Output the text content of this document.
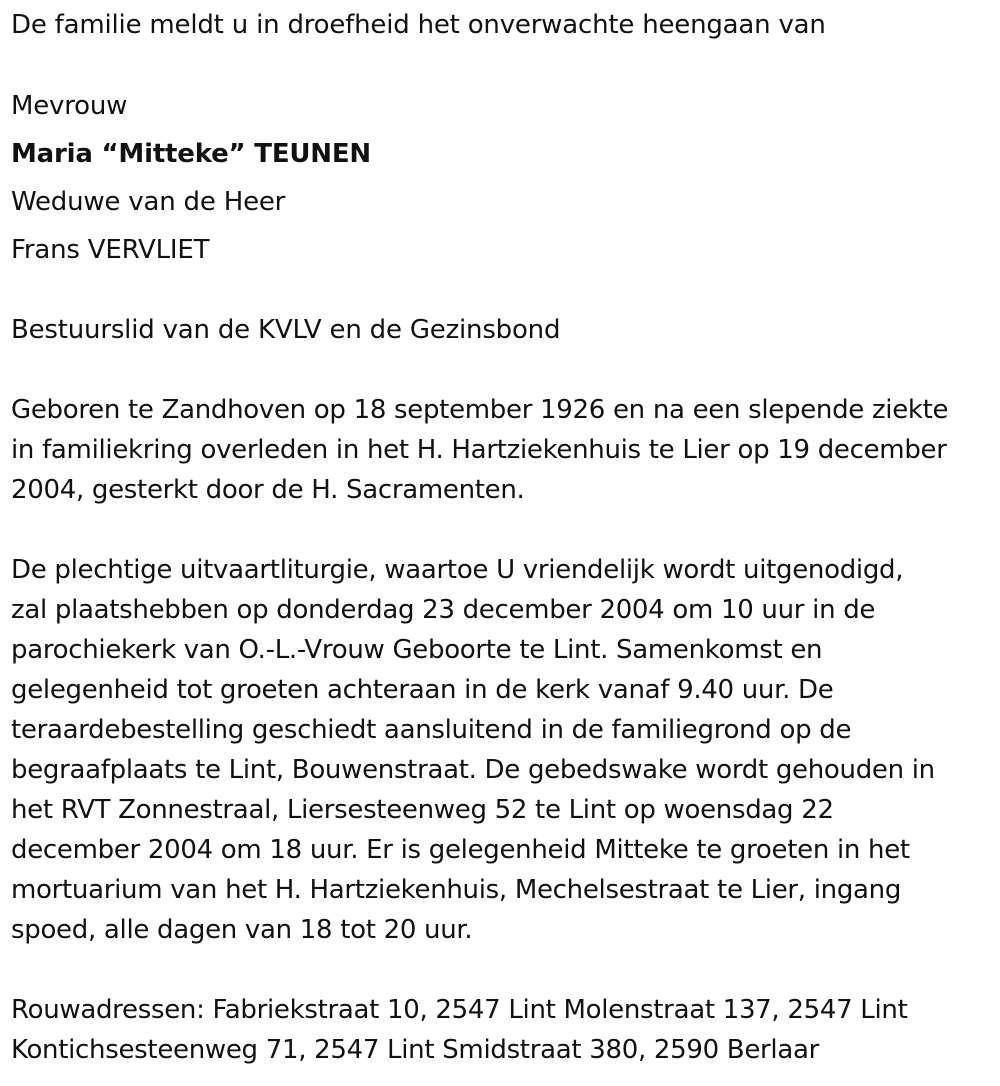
De familie meldt u in droefheid het onverwachte heengaan van
Mevrouw
Maria “Mitteke” TEUNEN
Weduwe van de Heer
Frans VERVLIET
Bestuurslid van de KVLV en de Gezinsbond
Geboren te Zandhoven op 18 september 1926 en na een slepende ziekte
in familiekring overleden in het H. Hartziekenhuis te Lier op 19 december
2004, gesterkt door de H. Sacramenten.
De plechtige uitvaartliturgie, waartoe U vriendelijk wordt uitgenodigd,
zal plaatshebben op donderdag 23 december 2004 om 10 uur in de
parochiekerk van O.-L.-Vrouw Geboorte te Lint. Samenkomst en
gelegenheid tot groeten achteraan in de kerk vanaf 9.40 uur. De
teraardebestelling geschiedt aansluitend in de familiegrond op de
begraafplaats te Lint, Bouwenstraat. De gebedswake wordt gehouden in
het RVT Zonnestraal, Liersesteenweg 52 te Lint op woensdag 22
december 2004 om 18 uur. Er is gelegenheid Mitteke te groeten in het
mortuarium van het H. Hartziekenhuis, Mechelsestraat te Lier, ingang
spoed, alle dagen van 18 tot 20 uur.
Rouwadressen: Fabriekstraat 10, 2547 Lint Molenstraat 137, 2547 Lint
Kontichsesteenweg 71, 2547 Lint Smidstraat 380, 2590 Berlaar
